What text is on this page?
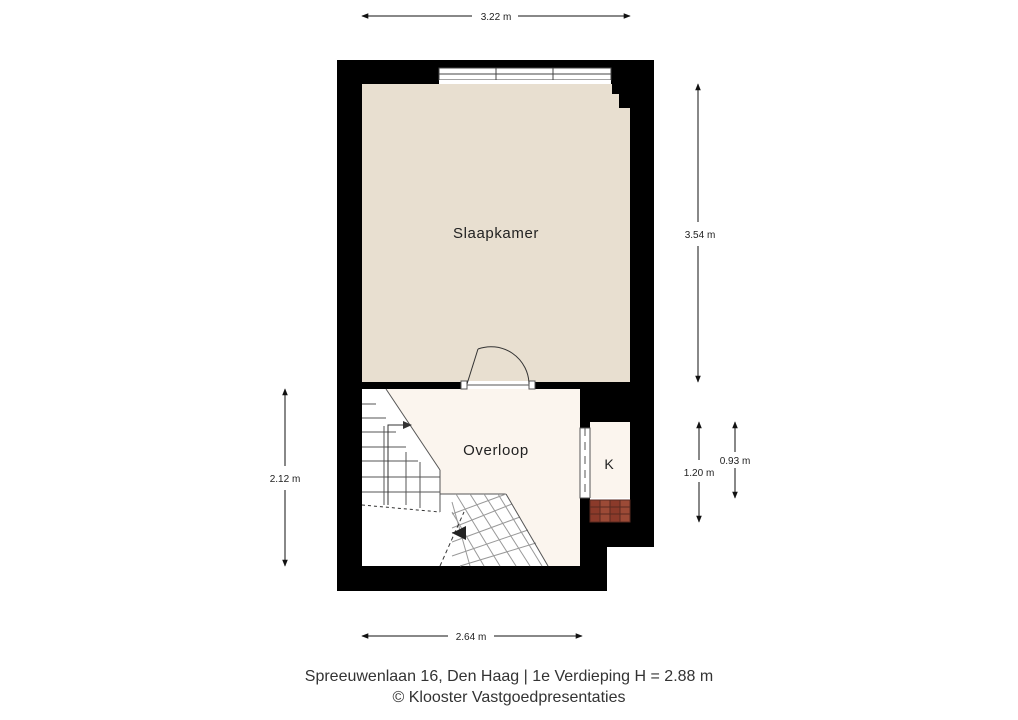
Slaapkamer
Overloop
K
3.22 m
3.54 m
2.12 m
2.64 m
1.20 m
0.93 m
Spreeuwenlaan 16, Den Haag | 1e Verdieping H = 2.88 m
© Klooster Vastgoedpresentaties
